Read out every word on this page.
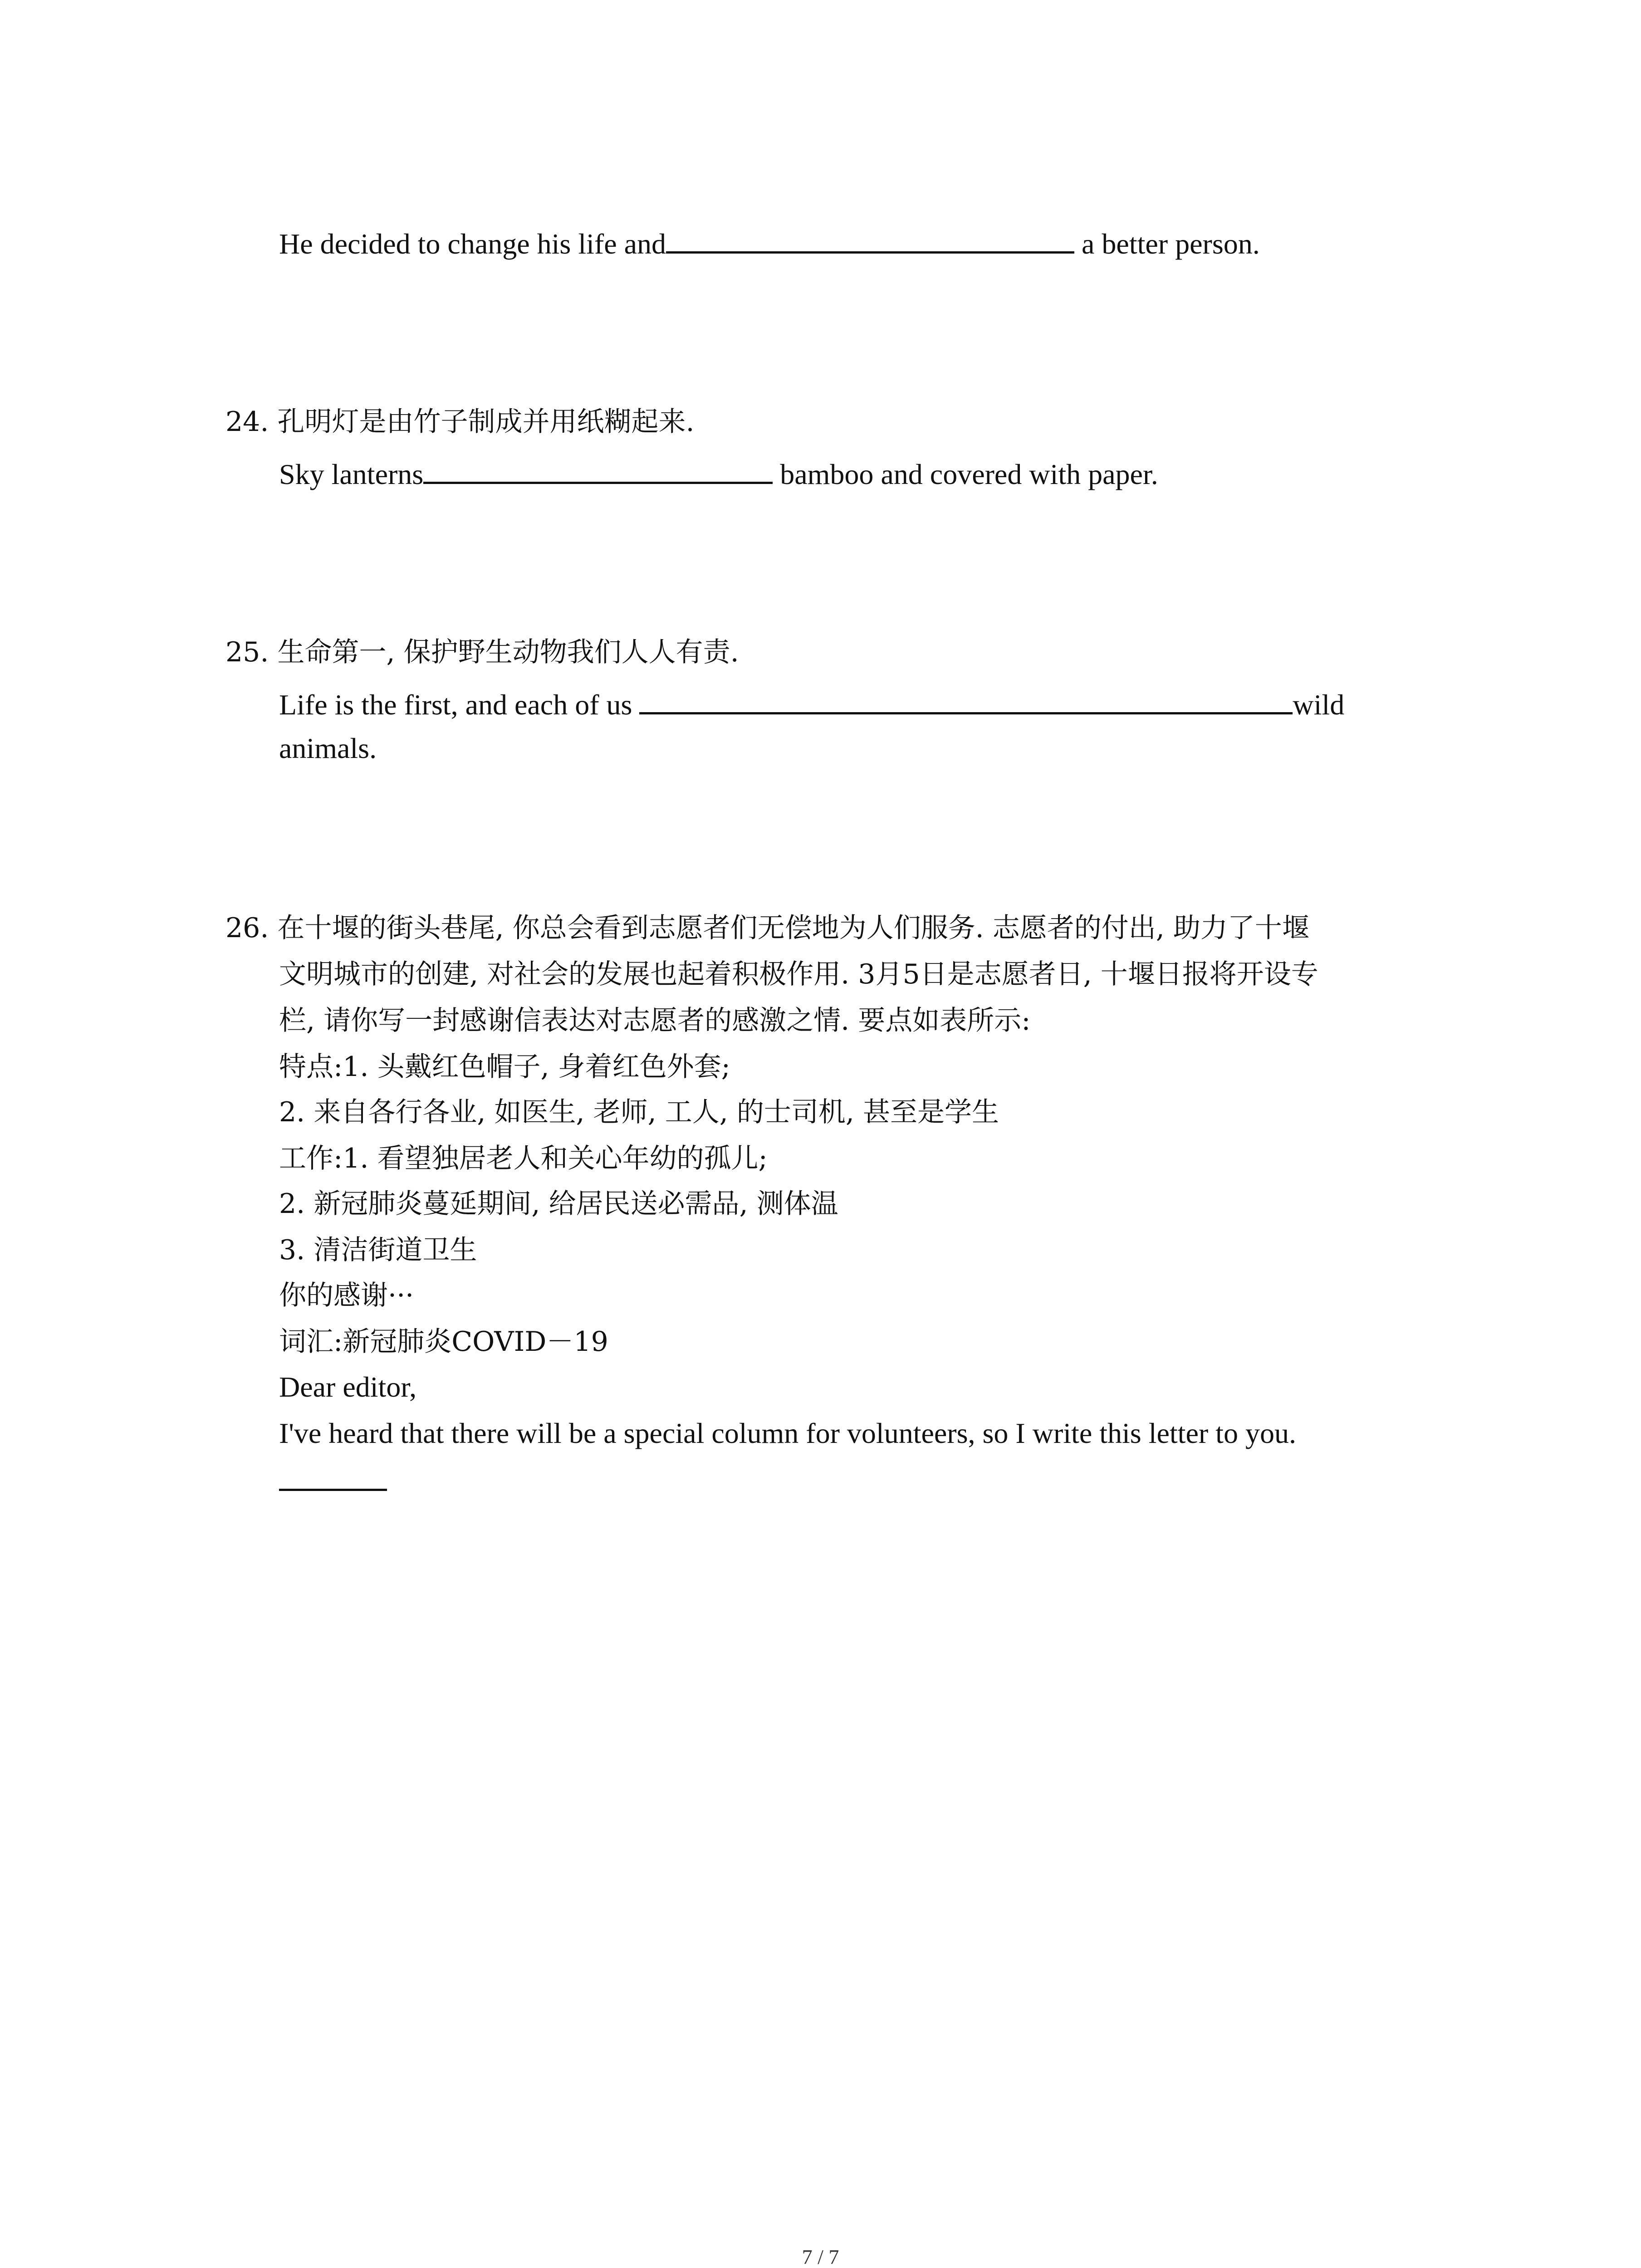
He decided to change his life and	a better person.
24. 孔明灯是由竹子制成并用纸糊起来.
Sky lanterns	bamboo and covered with paper.
25. 生命第一, 保护野生动物我们人人有责.
Life is the first, and each of us	wild
animals.
26. 在十堰的街头巷尾, 你总会看到志愿者们无偿地为人们服务. 志愿者的付出, 助力了十堰
文明城市的创建, 对社会的发展也起着积极作用. 3月5日是志愿者日, 十堰日报将开设专
栏, 请你写一封感谢信表达对志愿者的感激之情. 要点如表所示:
特点:1. 头戴红色帽子, 身着红色外套;
2. 来自各行各业, 如医生, 老师, 工人, 的士司机, 甚至是学生
工作:1. 看望独居老人和关心年幼的孤儿;
2. 新冠肺炎蔓延期间, 给居民送必需品, 测体温
3. 清洁街道卫生
你的感谢···
词汇:新冠肺炎COVID－19
Dear editor,
I've heard that there will be a special column for volunteers, so I write this letter to you.
7 / 7
